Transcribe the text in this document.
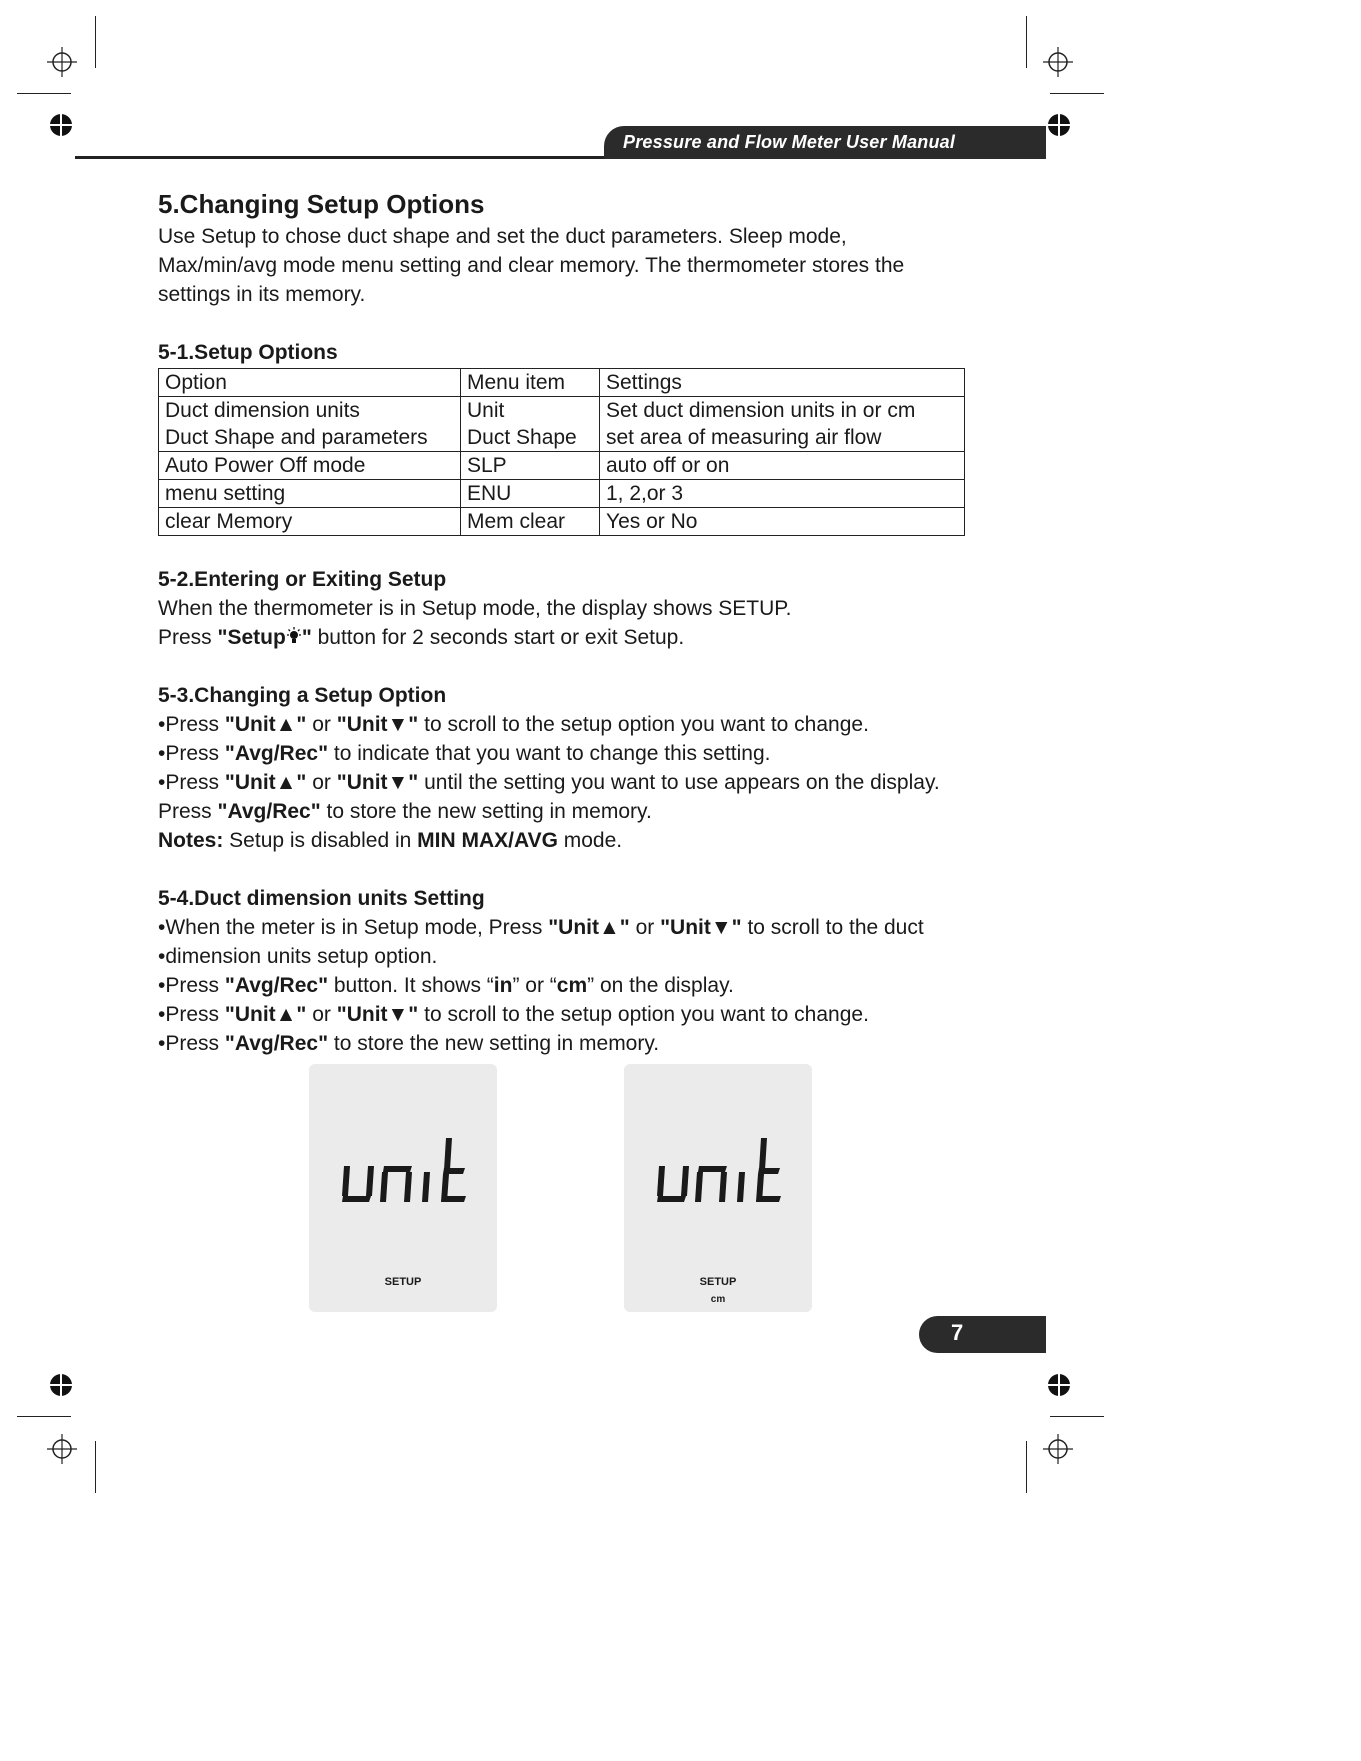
Pressure and Flow Meter User Manual
5.Changing Setup Options

Use Setup to chose duct shape and set the duct parameters. Sleep mode,

Max/min/avg mode menu setting and clear memory. The thermometer stores the

settings in its memory.

5-1.Setup Options
Option	Menu item	Settings
Duct dimension units	Unit	Set duct dimension units in or cm
Duct Shape and parameters	Duct Shape	set area of measuring air flow
Auto Power Off mode	SLP	auto off or on
menu setting	ENU	1, 2,or 3
clear Memory	Mem clear	Yes or No
5-2.Entering or Exiting Setup

When the thermometer is in Setup mode, the display shows SETUP.

Press "Setup " button for 2 seconds start or exit Setup.

5-3.Changing a Setup Option

•Press "Unit▲" or "Unit▼" to scroll to the setup option you want to change.

•Press "Avg/Rec" to indicate that you want to change this setting.

•Press "Unit▲" or "Unit▼" until the setting you want to use appears on the display.

Press "Avg/Rec" to store the new setting in memory.

Notes: Setup is disabled in MIN MAX/AVG mode.

5-4.Duct dimension units Setting

•When the meter is in Setup mode, Press "Unit▲" or "Unit▼" to scroll to the duct

•dimension units setup option.

•Press "Avg/Rec" button. It shows “in” or “cm” on the display.

•Press "Unit▲" or "Unit▼" to scroll to the setup option you want to change.

•Press "Avg/Rec" to store the new setting in memory.

SETUP	SETUP
cm
7
